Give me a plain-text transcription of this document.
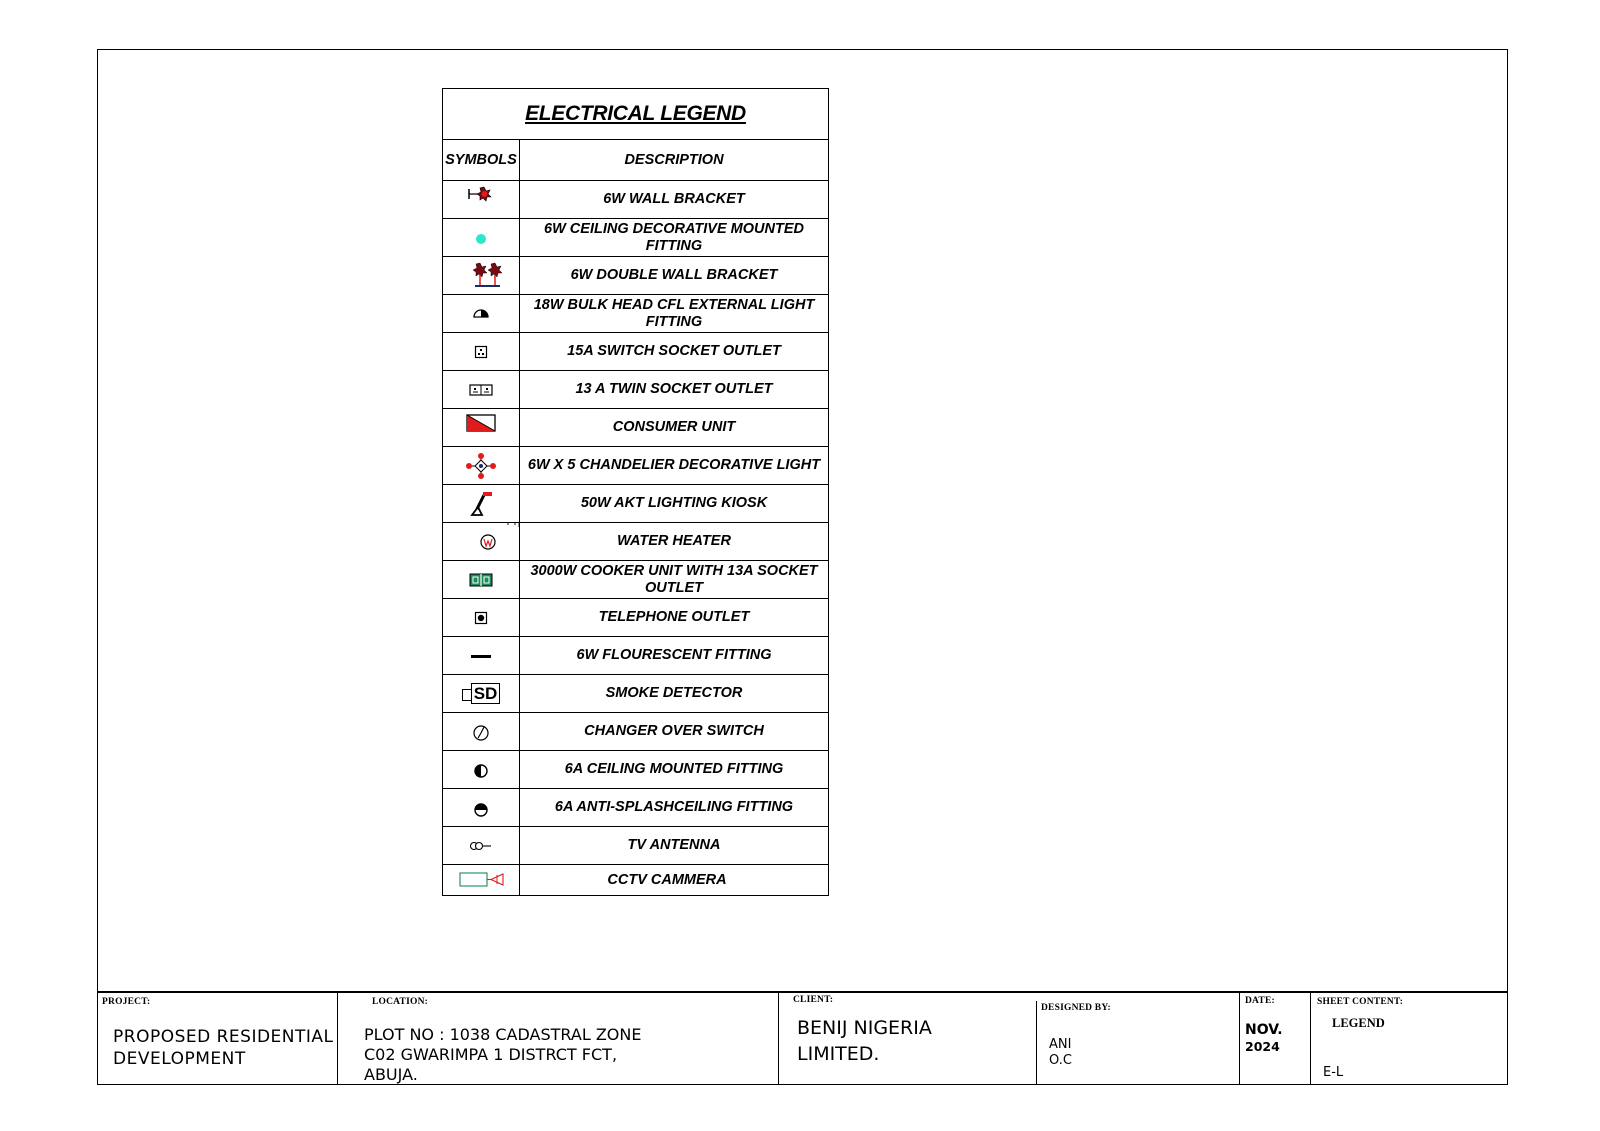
ELECTRICAL LEGEND
SYMBOLS	DESCRIPTION
6W WALL BRACKET
6W CEILING DECORATIVE MOUNTED FITTING
6W DOUBLE WALL BRACKET
18W BULK HEAD CFL EXTERNAL LIGHT FITTING
15A SWITCH SOCKET OUTLET
13 A TWIN SOCKET OUTLET
CONSUMER UNIT
6W X 5 CHANDELIER DECORATIVE LIGHT
50W AKT LIGHTING KIOSK
WATER HEATER
3000W COOKER UNIT WITH 13A SOCKET OUTLET
TELEPHONE OUTLET
6W FLOURESCENT FITTING
SD	SMOKE DETECTOR
CHANGER OVER SWITCH
6A CEILING MOUNTED FITTING
6A ANTI-SPLASHCEILING FITTING
TV ANTENNA
CCTV CAMMERA
PROJECT:
PROPOSED RESIDENTIAL
DEVELOPMENT
LOCATION:
PLOT NO : 1038 CADASTRAL ZONE
C02 GWARIMPA 1 DISTRCT FCT,
ABUJA.
CLIENT:
BENIJ NIGERIA
LIMITED.
DESIGNED BY:
ANI
O.C
DATE:
NOV.
2024
SHEET CONTENT:
LEGEND
E-L
